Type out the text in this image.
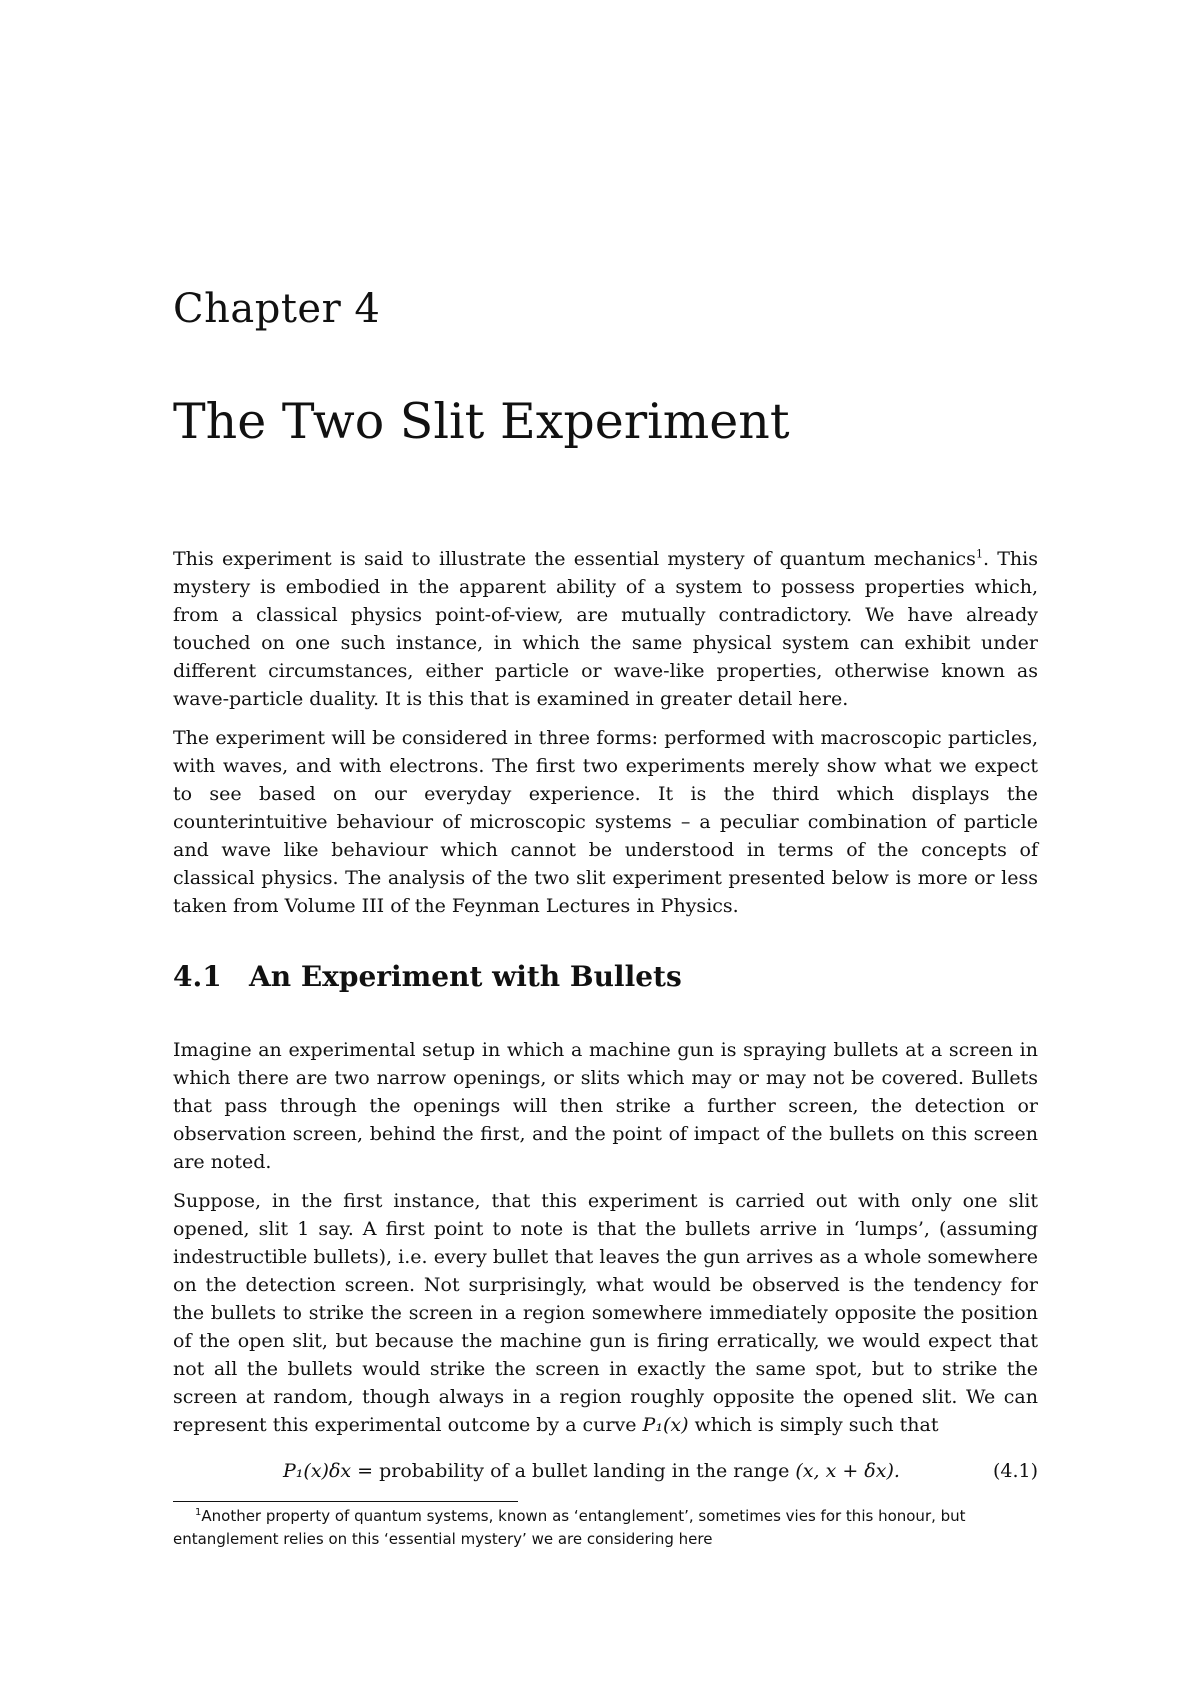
Chapter 4
The Two Slit Experiment

This experiment is said to illustrate the essential mystery of quantum mechanics$^1$. This mystery is embodied in the apparent ability of a system to possess properties which, from a classical physics point-of-view, are mutually contradictory. We have already touched on one such instance, in which the same physical system can exhibit under different circumstances, either particle or wave-like properties, otherwise known as wave-particle duality. It is this that is examined in greater detail here.

The experiment will be considered in three forms: performed with macroscopic particles, with waves, and with electrons. The first two experiments merely show what we expect to see based on our everyday experience. It is the third which displays the counterintuitive behaviour of microscopic systems – a peculiar combination of particle and wave like behaviour which cannot be understood in terms of the concepts of classical physics. The analysis of the two slit experiment presented below is more or less taken from Volume III of the Feynman Lectures in Physics.

4.1 An Experiment with Bullets

Imagine an experimental setup in which a machine gun is spraying bullets at a screen in which there are two narrow openings, or slits which may or may not be covered. Bullets that pass through the openings will then strike a further screen, the detection or observation screen, behind the first, and the point of impact of the bullets on this screen are noted.

Suppose, in the first instance, that this experiment is carried out with only one slit opened, slit 1 say. A first point to note is that the bullets arrive in ‘lumps’, (assuming indestructible bullets), i.e. every bullet that leaves the gun arrives as a whole somewhere on the detection screen. Not surprisingly, what would be observed is the tendency for the bullets to strike the screen in a region somewhere immediately opposite the position of the open slit, but because the machine gun is firing erratically, we would expect that not all the bullets would strike the screen in exactly the same spot, but to strike the screen at random, though always in a region roughly opposite the opened slit. We can represent this experimental outcome by a curve P₁(x) which is simply such that

P₁(x)δx = probability of a bullet landing in the range (x, x + δx).	(4.1)
$^1$Another property of quantum systems, known as ‘entanglement’, sometimes vies for this honour, but entanglement relies on this ‘essential mystery’ we are considering here
